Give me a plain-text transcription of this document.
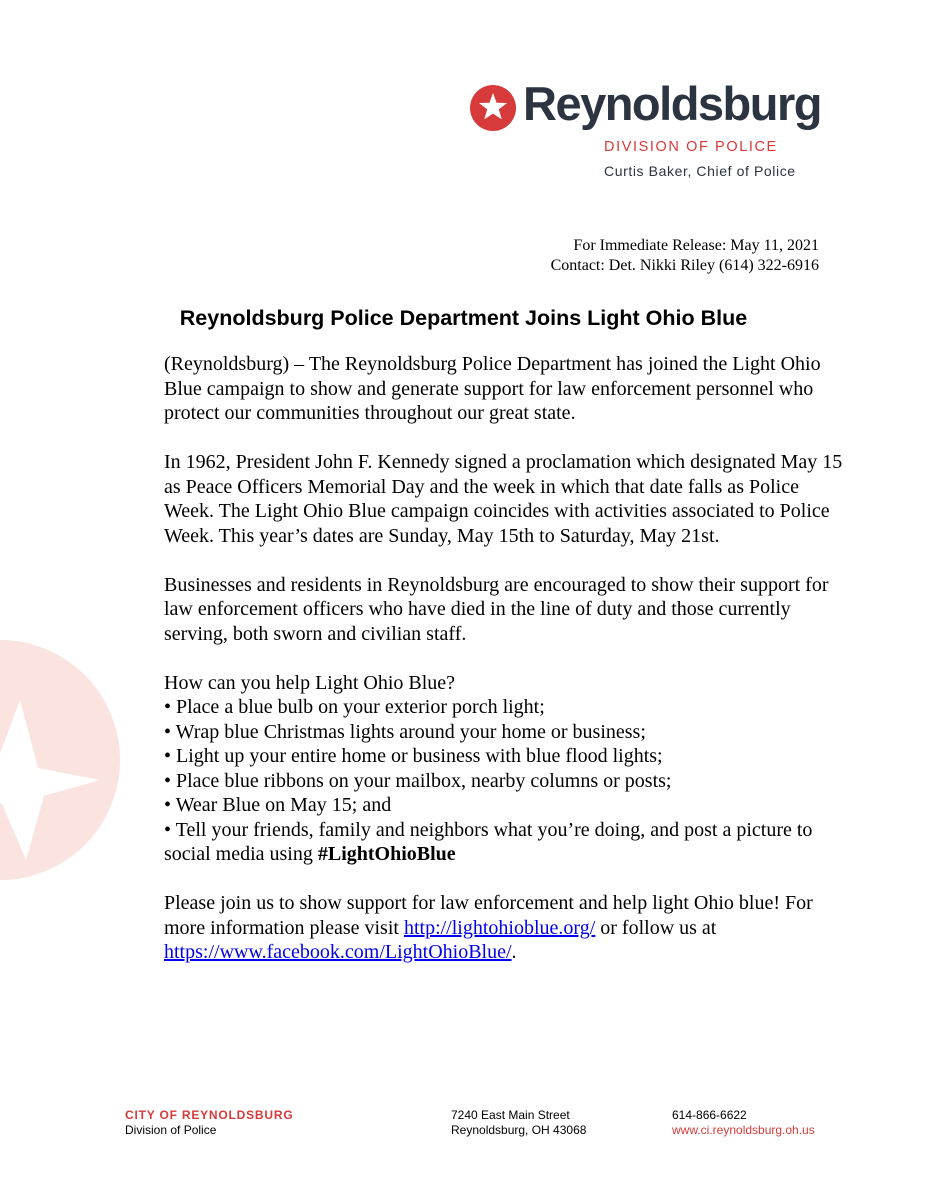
Reynoldsburg
DIVISION OF POLICE
Curtis Baker, Chief of Police
For Immediate Release: May 11, 2021
Contact: Det. Nikki Riley (614) 322-6916
Reynoldsburg Police Department Joins Light Ohio Blue

(Reynoldsburg) – The Reynoldsburg Police Department has joined the Light Ohio Blue campaign to show and generate support for law enforcement personnel who protect our communities throughout our great state.

In 1962, President John F. Kennedy signed a proclamation which designated May 15 as Peace Officers Memorial Day and the week in which that date falls as Police Week. The Light Ohio Blue campaign coincides with activities associated to Police Week. This year’s dates are Sunday, May 15th to Saturday, May 21st.

Businesses and residents in Reynoldsburg are encouraged to show their support for law enforcement officers who have died in the line of duty and those currently serving, both sworn and civilian staff.

How can you help Light Ohio Blue?
• Place a blue bulb on your exterior porch light;
• Wrap blue Christmas lights around your home or business;
• Light up your entire home or business with blue flood lights;
• Place blue ribbons on your mailbox, nearby columns or posts;
• Wear Blue on May 15; and
• Tell your friends, family and neighbors what you’re doing, and post a picture to social media using #LightOhioBlue

Please join us to show support for law enforcement and help light Ohio blue! For more information please visit http://lightohioblue.org/ or follow us at https://www.facebook.com/LightOhioBlue/.

CITY OF REYNOLDSBURG
Division of Police
7240 East Main Street
Reynoldsburg, OH 43068
614-866-6622
www.ci.reynoldsburg.oh.us
